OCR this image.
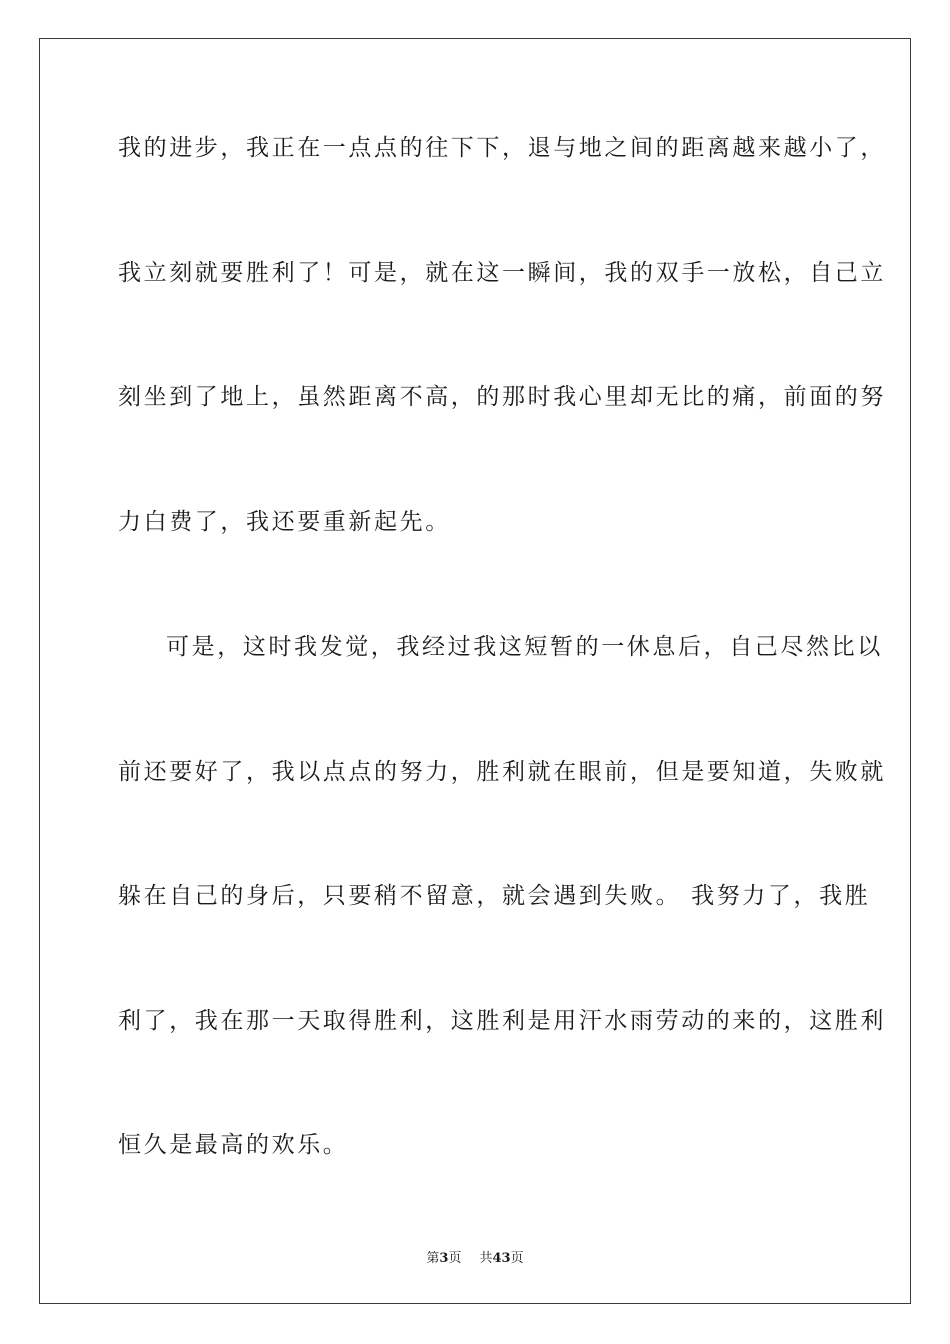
我的进步，我正在一点点的往下下，退与地之间的距离越来越小了，
我立刻就要胜利了！可是，就在这一瞬间，我的双手一放松，自己立
刻坐到了地上，虽然距离不高，的那时我心里却无比的痛，前面的努
力白费了，我还要重新起先。
可是，这时我发觉，我经过我这短暂的一休息后，自己尽然比以
前还要好了，我以点点的努力，胜利就在眼前，但是要知道，失败就
躲在自己的身后，只要稍不留意，就会遇到失败。 我努力了，我胜
利了，我在那一天取得胜利，这胜利是用汗水雨劳动的来的，这胜利
恒久是最高的欢乐。
第3页 共43页
